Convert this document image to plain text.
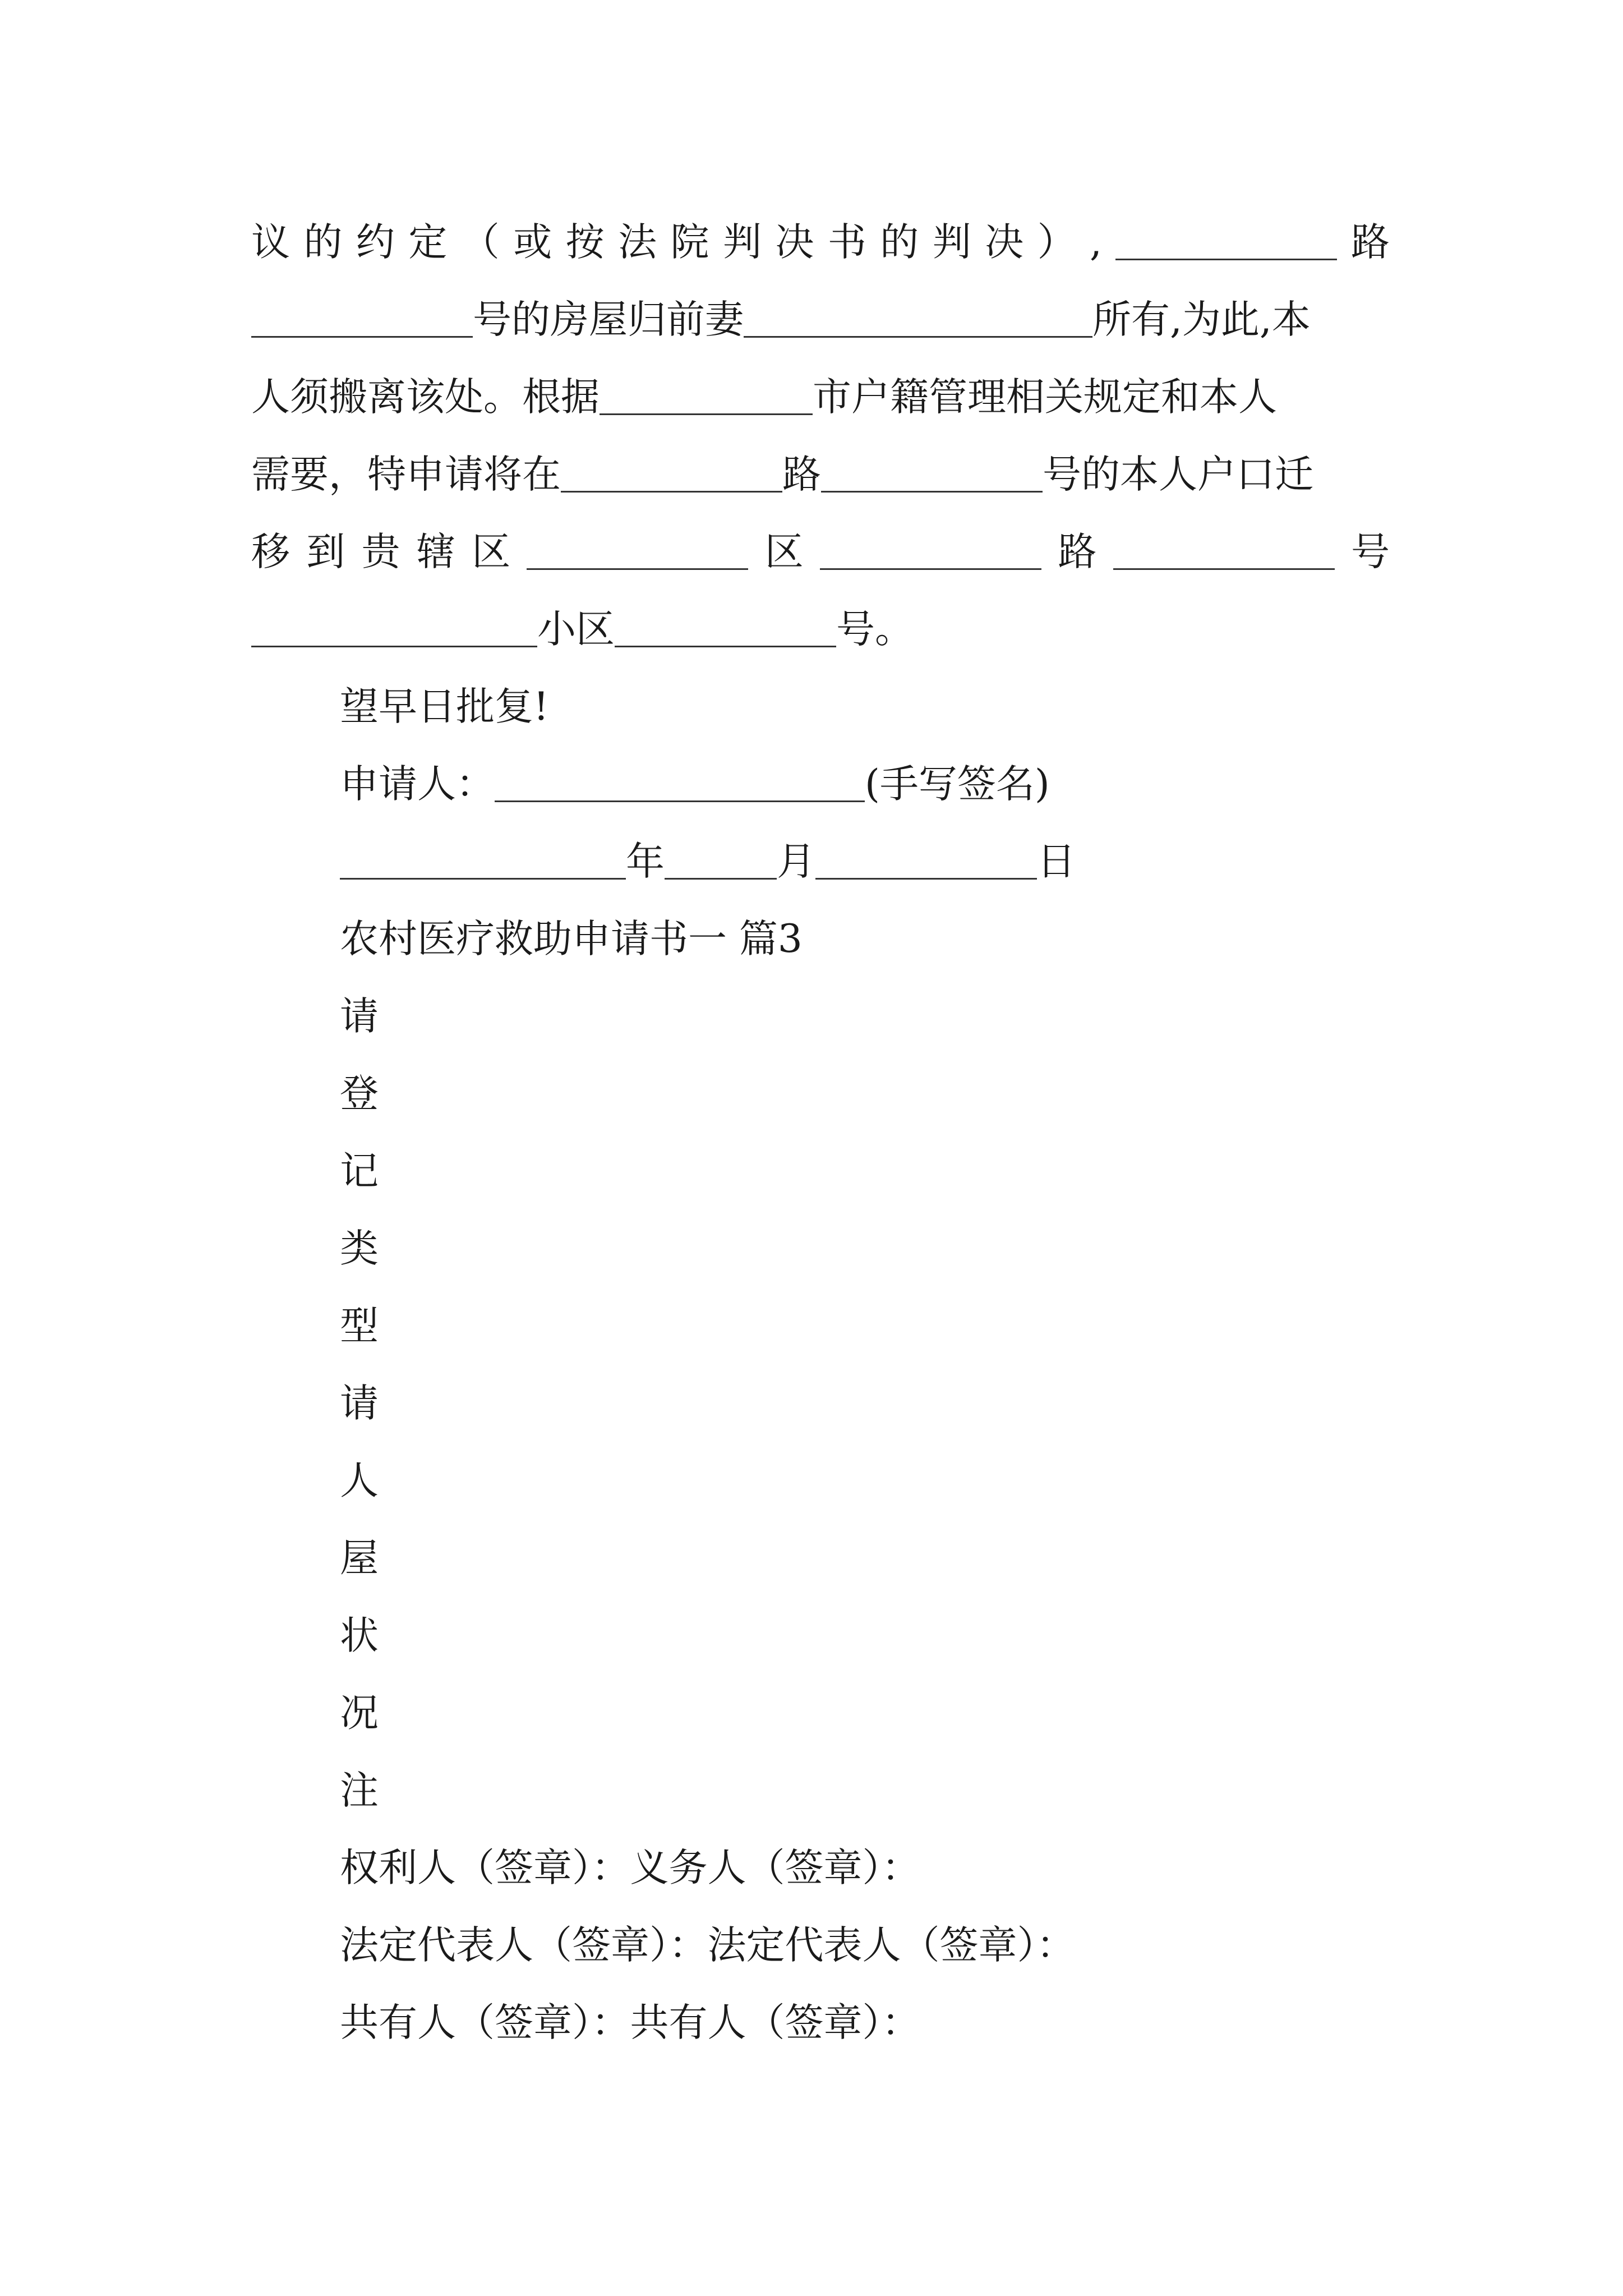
议 的 约 定 （ 或 按 法 院 判 决 书 的 判 决 ） ,	路
号的房屋归前妻	所有,为此,本
人须搬离该处。根据	市户籍管理相关规定和本人
需要，特申请将在	路	号的本人户口迁
移 到 贵 辖 区	区	路	号
小区	号。
望早日批复!
申请人：	(手写签名)
年	月	日
农村医疗救助申请书一 篇3
请
登
记
类
型
请
人
屋
状
况
注
权利人（签章）：义务人（签章）：
法定代表人（签章）：法定代表人（签章）：
共有人（签章）：共有人（签章）：
